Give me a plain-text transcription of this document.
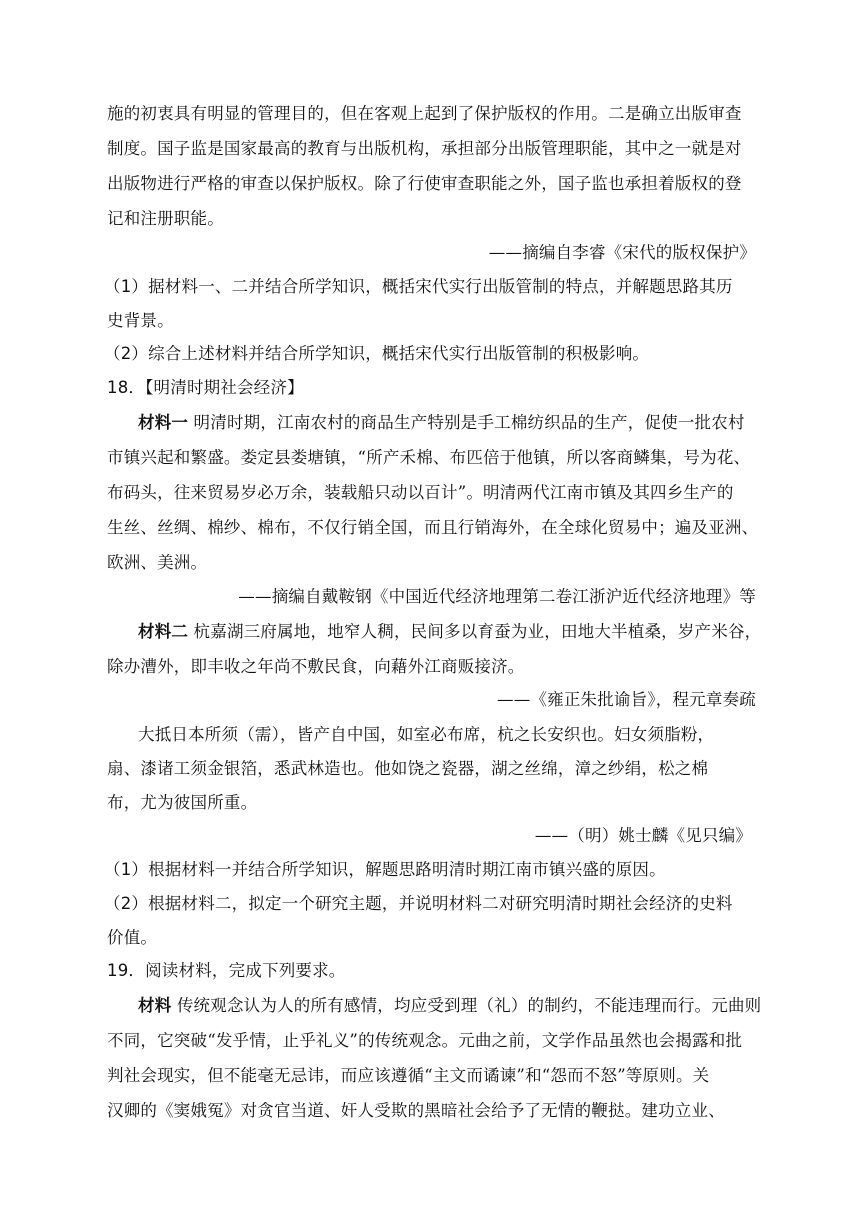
施的初衷具有明显的管理目的，但在客观上起到了保护版权的作用。二是确立出版审查
制度。国子监是国家最高的教育与出版机构，承担部分出版管理职能，其中之一就是对
出版物进行严格的审查以保护版权。除了行使审查职能之外，国子监也承担着版权的登
记和注册职能。
——摘编自李睿《宋代的版权保护》
（1）据材料一、二并结合所学知识，概括宋代实行出版管制的特点，并解题思路其历
史背景。
（2）综合上述材料并结合所学知识，概括宋代实行出版管制的积极影响。
18．【明清时期社会经济】
材料一 明清时期，江南农村的商品生产特别是手工棉纺织品的生产，促使一批农村
市镇兴起和繁盛。娄定县娄塘镇，“所产禾棉、布匹倍于他镇，所以客商鳞集，号为花、
布码头，往来贸易岁必万余，装载船只动以百计”。明清两代江南市镇及其四乡生产的
生丝、丝绸、棉纱、棉布，不仅行销全国，而且行销海外，在全球化贸易中；遍及亚洲、
欧洲、美洲。
——摘编自戴鞍钢《中国近代经济地理第二卷江浙沪近代经济地理》等
材料二 杭嘉湖三府属地，地窄人稠，民间多以育蚕为业，田地大半植桑，岁产米谷，
除办漕外，即丰收之年尚不敷民食，向藉外江商贩接济。
——《雍正朱批谕旨》，程元章奏疏
大抵日本所须（需），皆产自中国，如室必布席，杭之长安织也。妇女须脂粉，
扇、漆诸工须金银箔，悉武林造也。他如饶之瓷器，湖之丝绵，漳之纱绢，松之棉
布，尤为彼国所重。
——（明）姚士麟《见只编》
（1）根据材料一并结合所学知识，解题思路明清时期江南市镇兴盛的原因。
（2）根据材料二，拟定一个研究主题，并说明材料二对研究明清时期社会经济的史料
价值。
19．阅读材料，完成下列要求。
材料 传统观念认为人的所有感情，均应受到理（礼）的制约，不能违理而行。元曲则
不同，它突破“发乎情，止乎礼义”的传统观念。元曲之前，文学作品虽然也会揭露和批
判社会现实，但不能毫无忌讳，而应该遵循“主文而谲谏”和“怨而不怒”等原则。关
汉卿的《窦娥冤》对贪官当道、奸人受欺的黑暗社会给予了无情的鞭挞。建功立业、
